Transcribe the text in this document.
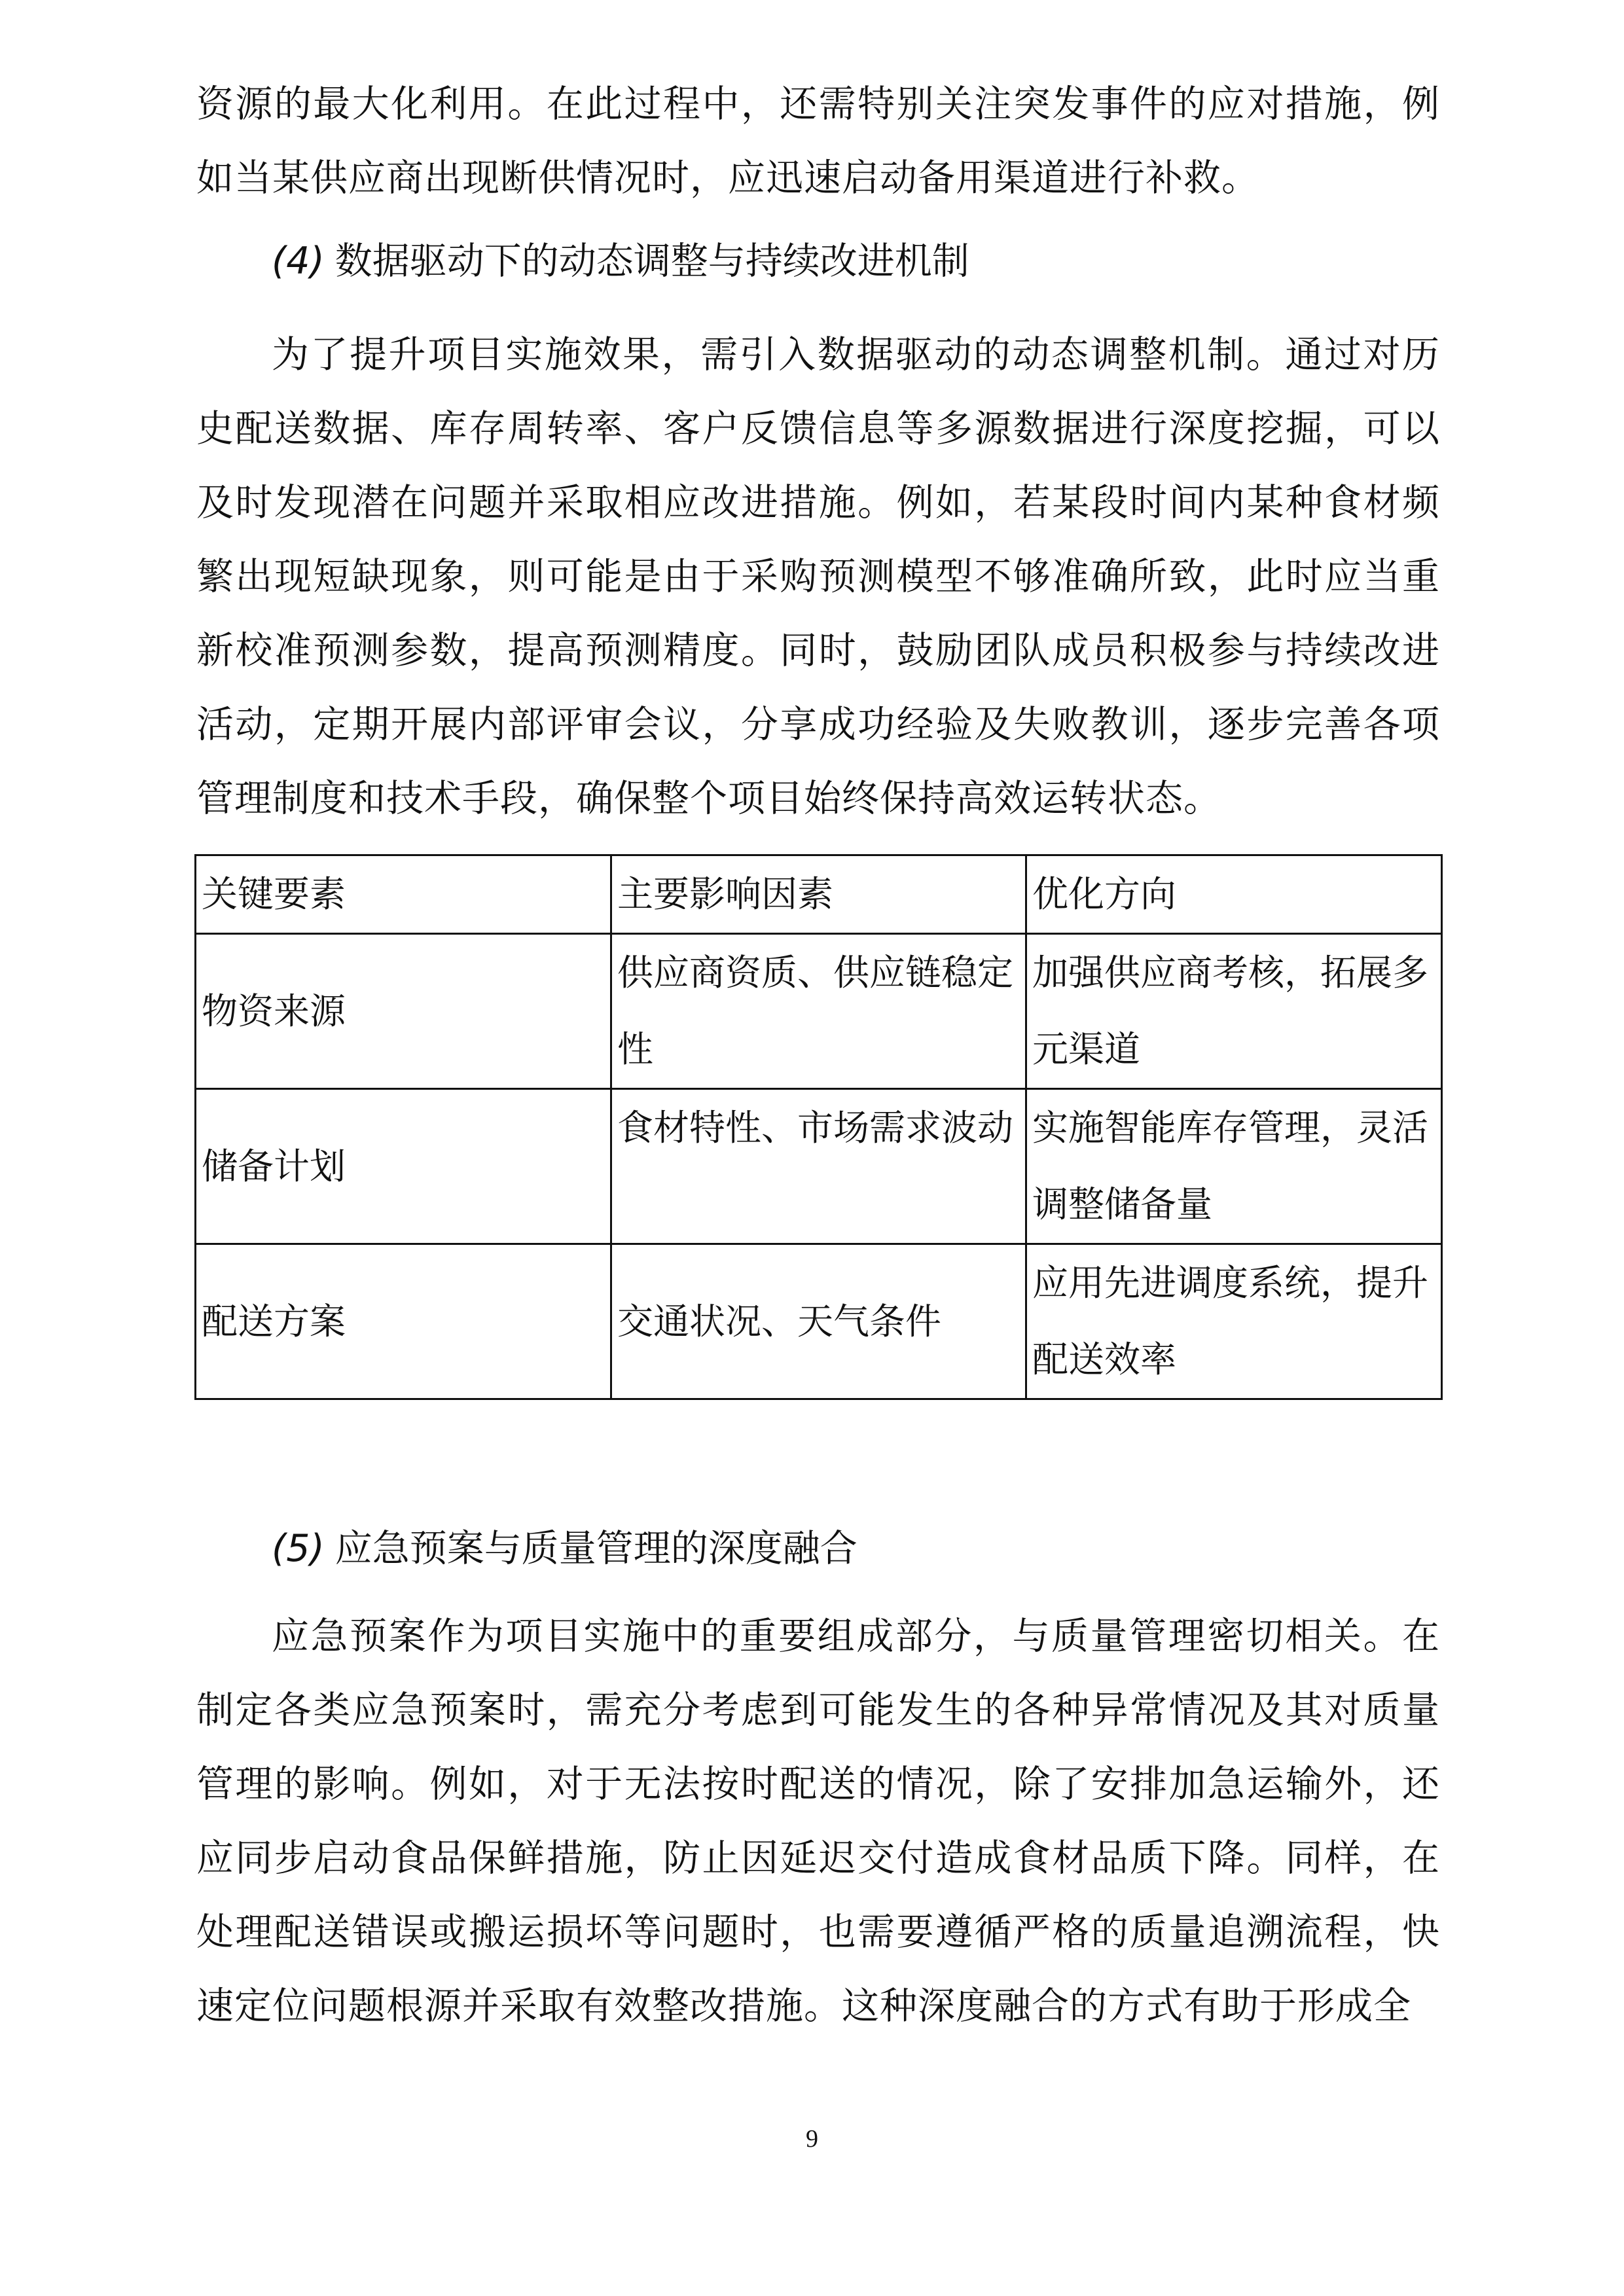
资源的最大化利用。在此过程中，还需特别关注突发事件的应对措施，例如当某供应商出现断供情况时，应迅速启动备用渠道进行补救。

(4) 数据驱动下的动态调整与持续改进机制

为了提升项目实施效果，需引入数据驱动的动态调整机制。通过对历史配送数据、库存周转率、客户反馈信息等多源数据进行深度挖掘，可以及时发现潜在问题并采取相应改进措施。例如，若某段时间内某种食材频繁出现短缺现象，则可能是由于采购预测模型不够准确所致，此时应当重新校准预测参数，提高预测精度。同时，鼓励团队成员积极参与持续改进活动，定期开展内部评审会议，分享成功经验及失败教训，逐步完善各项管理制度和技术手段，确保整个项目始终保持高效运转状态。

关键要素	主要影响因素	优化方向
物资来源	供应商资质、供应链稳定性	加强供应商考核，拓展多元渠道
储备计划	食材特性、市场需求波动	实施智能库存管理，灵活调整储备量
配送方案	交通状况、天气条件	应用先进调度系统，提升配送效率

(5) 应急预案与质量管理的深度融合

应急预案作为项目实施中的重要组成部分，与质量管理密切相关。在制定各类应急预案时，需充分考虑到可能发生的各种异常情况及其对质量管理的影响。例如，对于无法按时配送的情况，除了安排加急运输外，还应同步启动食品保鲜措施，防止因延迟交付造成食材品质下降。同样，在处理配送错误或搬运损坏等问题时，也需要遵循严格的质量追溯流程，快速定位问题根源并采取有效整改措施。这种深度融合的方式有助于形成全

9
